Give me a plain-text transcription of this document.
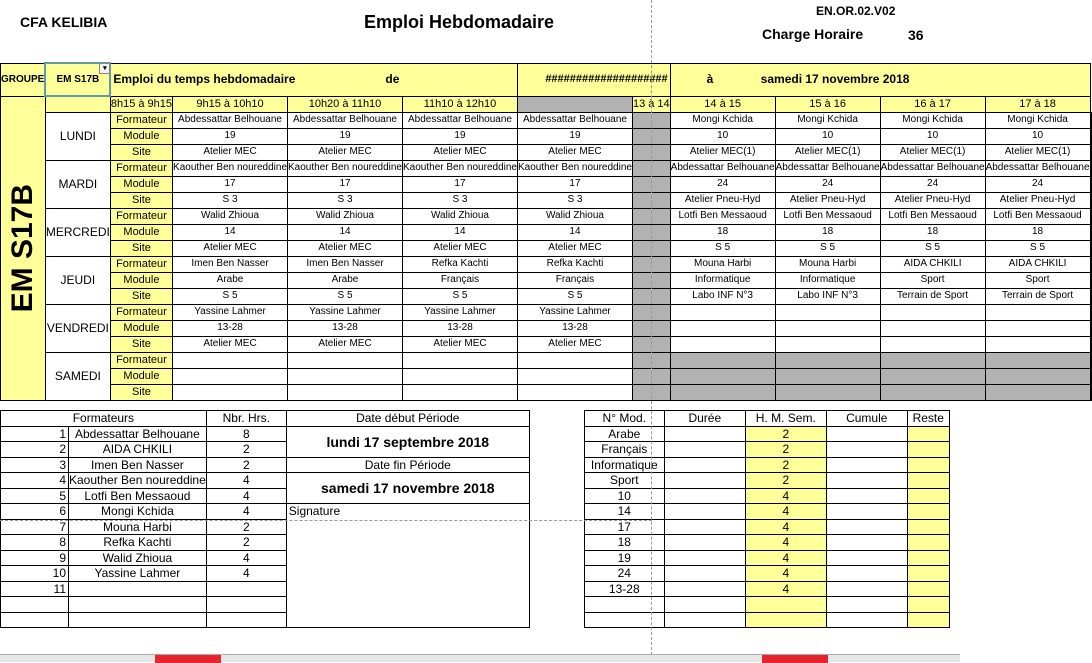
CFA KELIBIA	Emploi Hebdomadaire
EN.OR.02.V02
Charge Horaire	36
GROUPE	EM S17B
▾	Emploi du temps hebdomadaire de				####################		à samedi 17 novembre 2018				

EM S17B		8h15 à 9h15	9h15 à 10h10	10h20 à 11h10	11h10 à 12h10		13 à 14	14 à 15	15 à 16	16 à 17	17 à 18	
	LUNDI	Formateur	Abdessattar Belhouane	Abdessattar Belhouane	Abdessattar Belhouane	Abdessattar Belhouane		Mongi Kchida	Mongi Kchida	Mongi Kchida	Mongi Kchida	
		Module	19	19	19	19		10	10	10	10	
		Site	Atelier MEC	Atelier MEC	Atelier MEC	Atelier MEC		Atelier MEC(1)	Atelier MEC(1)	Atelier MEC(1)	Atelier MEC(1)	
	MARDI	Formateur	Kaouther Ben noureddine	Kaouther Ben noureddine	Kaouther Ben noureddine	Kaouther Ben noureddine		Abdessattar Belhouane	Abdessattar Belhouane	Abdessattar Belhouane	Abdessattar Belhouane	
		Module	17	17	17	17		24	24	24	24	
		Site	S 3	S 3	S 3	S 3		Atelier Pneu-Hyd	Atelier Pneu-Hyd	Atelier Pneu-Hyd	Atelier Pneu-Hyd	
	MERCREDI	Formateur	Walid Zhioua	Walid Zhioua	Walid Zhioua	Walid Zhioua		Lotfi Ben Messaoud	Lotfi Ben Messaoud	Lotfi Ben Messaoud	Lotfi Ben Messaoud	
		Module	14	14	14	14		18	18	18	18	
		Site	Atelier MEC	Atelier MEC	Atelier MEC	Atelier MEC		S 5	S 5	S 5	S 5	
	JEUDI	Formateur	Imen Ben Nasser	Imen Ben Nasser	Refka Kachti	Refka Kachti		Mouna Harbi	Mouna Harbi	AIDA CHKILI	AIDA CHKILI	
		Module	Arabe	Arabe	Français	Français		Informatique	Informatique	Sport	Sport	
		Site	S 5	S 5	S 5	S 5		Labo INF N°3	Labo INF N°3	Terrain de Sport	Terrain de Sport	
	VENDREDI	Formateur	Yassine Lahmer	Yassine Lahmer	Yassine Lahmer	Yassine Lahmer						
		Module	13-28	13-28	13-28	13-28						
		Site	Atelier MEC	Atelier MEC	Atelier MEC	Atelier MEC						
	SAMEDI	Formateur										
		Module										
		Site										
Formateurs		Nbr. Hrs.	Date début Période		N° Mod.	Durée	H. M. Sem.	Cumule	Reste
1	Abdessattar Belhouane	8	lundi 17 septembre 2018		Arabe		2		
2	AIDA CHKILI	2			Français		2		
3	Imen Ben Nasser	2	Date fin Période		Informatique		2		
4	Kaouther Ben noureddine	4	samedi 17 novembre 2018		Sport		2		
5	Lotfi Ben Messaoud	4			10		4		
6	Mongi Kchida	4	Signature		14		4		
7	Mouna Harbi	2			17		4		
8	Refka Kachti	2			18		4		
9	Walid Zhioua	4			19		4		
10	Yassine Lahmer	4			24		4		
11					13-28		4		
